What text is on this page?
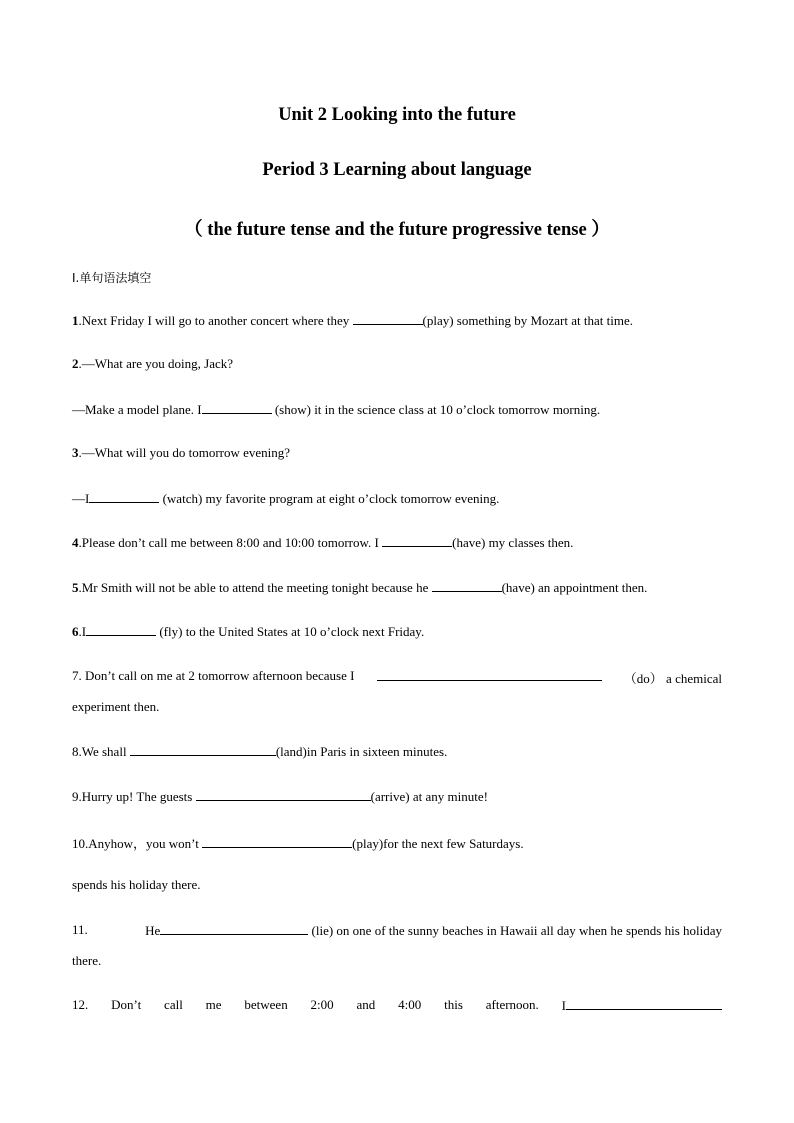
Unit 2 Looking into the future
Period 3 Learning about language
（ the future tense and the future progressive tense ）
I.单句语法填空
1.Next Friday I will go to another concert where they	(play) something by Mozart at that time.
2.—What are you doing, Jack?
—Make a model plane. I	(show) it in the science class at 10 o’clock tomorrow morning.
3.—What will you do tomorrow evening?
—I	(watch) my favorite program at eight o’clock tomorrow evening.
4.Please don’t call me between 8:00 and 10:00 tomorrow. I	(have) my classes then.
5.Mr Smith will not be able to attend the meeting tonight because he	(have) an appointment then.
6.I	(fly) to the United States at 10 o’clock next Friday.
7. Don’t call on me at 2 tomorrow afternoon because I	（do） a chemical
experiment then.
8.We shall	(land)in Paris in sixteen minutes.
9.Hurry up! The guests	(arrive) at any minute!
10.Anyhow，you won’t	(play)for the next few Saturdays.
spends his holiday there.
11.	He	(lie) on one of the sunny beaches in Hawaii all day when he spends his holiday
there.
12. Don’t call me between 2:00 and 4:00 this afternoon. I
